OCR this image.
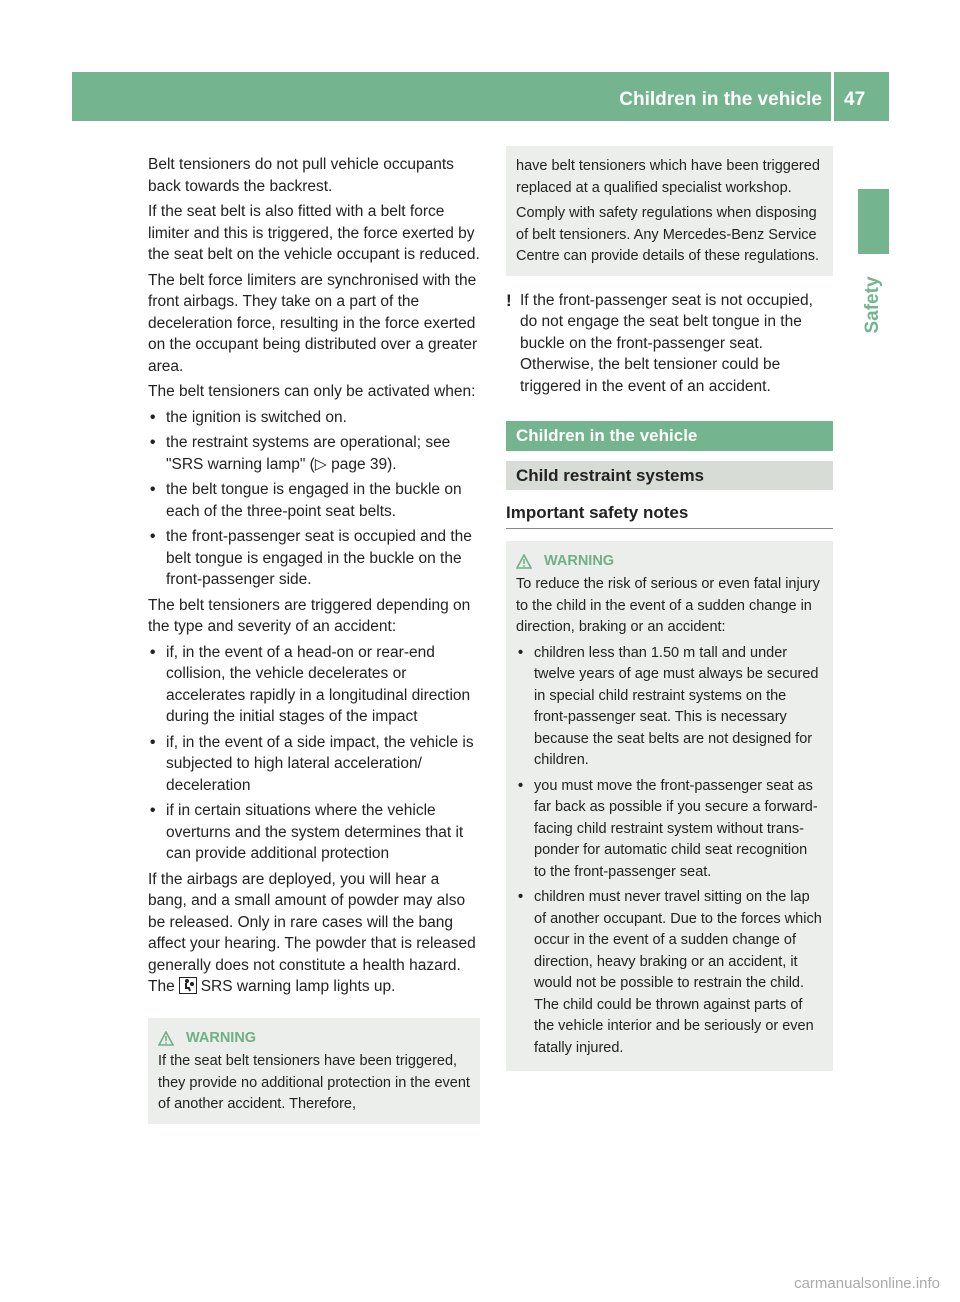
Children in the vehicle 47
Safety

Belt tensioners do not pull vehicle occupants back towards the backrest.

If the seat belt is also fitted with a belt force limiter and this is triggered, the force exerted by the seat belt on the vehicle occupant is reduced.

The belt force limiters are synchronised with the front airbags. They take on a part of the deceleration force, resulting in the force exerted on the occupant being distributed over a greater area.

The belt tensioners can only be activated when:

• the ignition is switched on.
• the restraint systems are operational; see "SRS warning lamp" (▷ page 39).
• the belt tongue is engaged in the buckle on each of the three-point seat belts.
• the front-passenger seat is occupied and the belt tongue is engaged in the buckle on the front-passenger side.

The belt tensioners are triggered depending on the type and severity of an accident:

• if, in the event of a head-on or rear-end collision, the vehicle decelerates or accelerates rapidly in a longitudinal direction during the initial stages of the impact
• if, in the event of a side impact, the vehicle is subjected to high lateral acceleration/ deceleration
• if in certain situations where the vehicle overturns and the system determines that it can provide additional protection

If the airbags are deployed, you will hear a bang, and a small amount of powder may also be released. Only in rare cases will the bang affect your hearing. The powder that is released generally does not constitute a health hazard. The SRS warning lamp lights up.

WARNING
If the seat belt tensioners have been triggered, they provide no additional protection in the event of another accident. Therefore,

have belt tensioners which have been triggered replaced at a qualified specialist workshop.

Comply with safety regulations when disposing of belt tensioners. Any Mercedes-Benz Service Centre can provide details of these regulations.

! If the front-passenger seat is not occupied, do not engage the seat belt tongue in the buckle on the front-passenger seat. Otherwise, the belt tensioner could be triggered in the event of an accident.
Children in the vehicle
Child restraint systems
Important safety notes
WARNING

To reduce the risk of serious or even fatal injury to the child in the event of a sudden change in direction, braking or an accident:

• children less than 1.50 m tall and under twelve years of age must always be secured in special child restraint systems on the front-passenger seat. This is necessary because the seat belts are not designed for children.
• you must move the front-passenger seat as far back as possible if you secure a forward-facing child restraint system without trans-ponder for automatic child seat recognition to the front-passenger seat.
• children must never travel sitting on the lap of another occupant. Due to the forces which occur in the event of a sudden change of direction, heavy braking or an accident, it would not be possible to restrain the child. The child could be thrown against parts of the vehicle interior and be seriously or even fatally injured.
carmanualsonline.info
